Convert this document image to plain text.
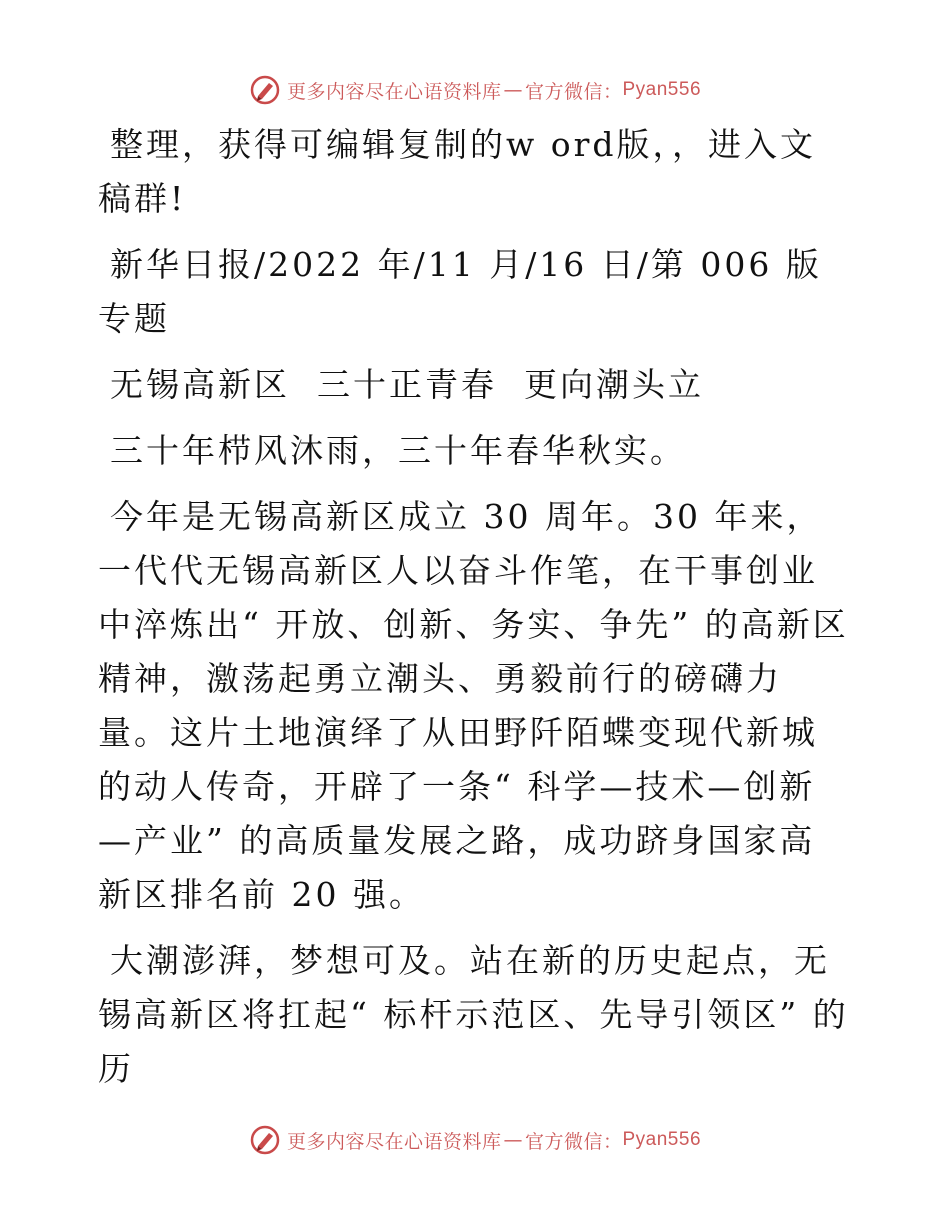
更多内容尽在心语资料库 — 官方微信： Pyan556

整理，获得可编辑复制的w ord版，，进入文稿群!

新华日报/2022 年/11 月/16 日/第 006 版专题

无锡高新区  三十正青春  更向潮头立

三十年栉风沐雨，三十年春华秋实。

今年是无锡高新区成立 30 周年。30 年来，一代代无锡高新区人以奋斗作笔，在干事创业中淬炼出“ 开放、创新、务实、争先” 的高新区精神，激荡起勇立潮头、勇毅前行的磅礴力量。这片土地演绎了从田野阡陌蝶变现代新城的动人传奇，开辟了一条“ 科学—技术—创新—产业” 的高质量发展之路，成功跻身国家高新区排名前 20 强。

大潮澎湃，梦想可及。站在新的历史起点，无锡高新区将扛起“ 标杆示范区、先导引领区” 的历

更多内容尽在心语资料库 — 官方微信： Pyan556
